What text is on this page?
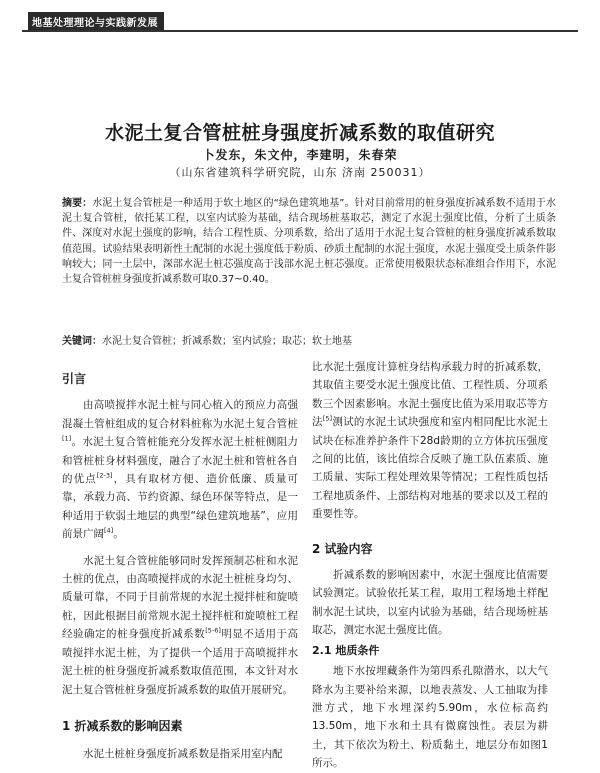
地基处理理论与实践新发展
水泥土复合管桩桩身强度折减系数的取值研究
卜发东，朱文仲，李建明，朱春荣
（山东省建筑科学研究院，山东 济南 250031）
摘要：水泥土复合管桩是一种适用于软土地区的“绿色建筑地基”。针对目前常用的桩身强度折减系数不适用于水泥土复合管桩，依托某工程，以室内试验为基础，结合现场桩基取芯，测定了水泥土强度比值，分析了土质条件、深度对水泥土强度的影响，结合工程性质、分项系数，给出了适用于水泥土复合管桩的桩身强度折减系数取值范围。试验结果表明新性土配制的水泥土强度低于粉质、砂质土配制的水泥土强度，水泥土强度受土质条件影响较大；同一土层中，深部水泥土桩芯强度高于浅部水泥土桩芯强度。正常使用极限状态标准组合作用下，水泥土复合管桩桩身强度折减系数可取0.37~0.40。
关键词：水泥土复合管桩；折减系数；室内试验；取芯；软土地基
引言

由高喷搅拌水泥土桩与同心植入的预应力高强混凝土管桩组成的复合材料桩称为水泥土复合管桩[1]。水泥土复合管桩能充分发挥水泥土桩桩侧阻力和管桩桩身材料强度，融合了水泥土桩和管桩各自的优点[2-3]，具有取材方便、造价低廉、质量可靠，承载力高、节约资源、绿色环保等特点，是一种适用于软弱土地层的典型“绿色建筑地基”，应用前景广阔[4]。

水泥土复合管桩能够同时发挥预制芯桩和水泥土桩的优点，由高喷搅拌成的水泥土桩桩身均匀、质量可靠，不同于目前常规的水泥土搅拌桩和旋喷桩，因此根据目前常规水泥土搅拌桩和旋喷桩工程经验确定的桩身强度折减系数[5-6]明显不适用于高喷搅拌水泥土桩，为了提供一个适用于高喷搅拌水泥土桩的桩身强度折减系数取值范围，本文针对水泥土复合管桩桩身强度折减系数的取值开展研究。

1 折减系数的影响因素

水泥土桩桩身强度折减系数是指采用室内配

比水泥土强度计算桩身结构承载力时的折减系数，其取值主要受水泥土强度比值、工程性质、分项系数三个因素影响。水泥土强度比值为采用取芯等方法[5]测试的水泥土试块强度和室内相同配比水泥土试块在标准养护条件下28d龄期的立方体抗压强度之间的比值，该比值综合反映了施工队伍素质、施工质量、实际工程处理效果等情况；工程性质包括工程地质条件、上部结构对地基的要求以及工程的重要性等。

2 试验内容

折减系数的影响因素中，水泥土强度比值需要试验测定。试验依托某工程，取用工程场地土样配制水泥土试块，以室内试验为基础，结合现场桩基取芯，测定水泥土强度比值。

2.1 地质条件

地下水按埋藏条件为第四系孔隙潜水，以大气降水为主要补给来源，以地表蒸发、人工抽取为排泄方式，地下水埋深约5.90m，水位标高约13.50m，地下水和土具有微腐蚀性。表层为耕土，其下依次为粉土、粉质黏土，地层分布如图1所示。
